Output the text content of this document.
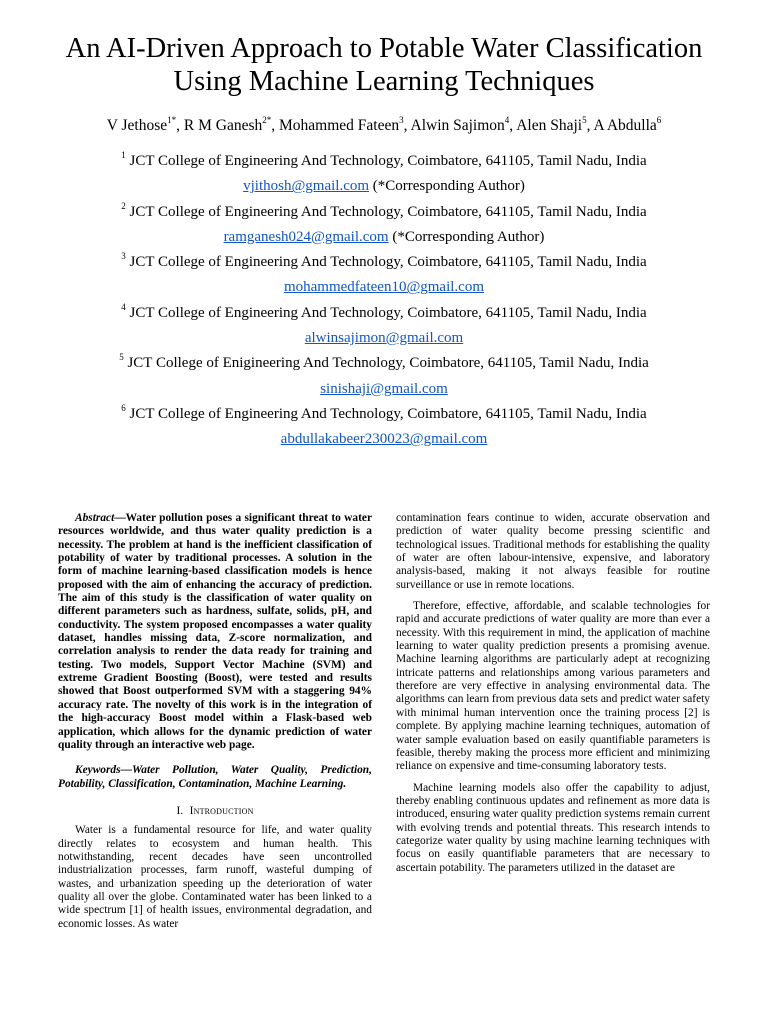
An AI-Driven Approach to Potable Water Classification Using Machine Learning Techniques
V Jethose$^{1*}$, R M Ganesh$^{2*}$, Mohammed Fateen$^3$, Alwin Sajimon$^4$, Alen Shaji$^5$, A Abdulla$^6$
$^1$ JCT College of Engineering And Technology, Coimbatore, 641105, Tamil Nadu, India
vjithosh@gmail.com (*Corresponding Author)
$^2$ JCT College of Engineering And Technology, Coimbatore, 641105, Tamil Nadu, India
ramganesh024@gmail.com (*Corresponding Author)
$^3$ JCT College of Engineering And Technology, Coimbatore, 641105, Tamil Nadu, India
mohammedfateen10@gmail.com
$^4$ JCT College of Engineering And Technology, Coimbatore, 641105, Tamil Nadu, India
alwinsajimon@gmail.com
$^5$ JCT College of Enigineering And Technology, Coimbatore, 641105, Tamil Nadu, India
sinishaji@gmail.com
$^6$ JCT College of Engineering And Technology, Coimbatore, 641105, Tamil Nadu, India
abdullakabeer230023@gmail.com

Abstract—Water pollution poses a significant threat to water resources worldwide, and thus water quality prediction is a necessity. The problem at hand is the inefficient classification of potability of water by traditional processes. A solution in the form of machine learning-based classification models is hence proposed with the aim of enhancing the accuracy of prediction. The aim of this study is the classification of water quality on different parameters such as hardness, sulfate, solids, pH, and conductivity. The system proposed encompasses a water quality dataset, handles missing data, Z-score normalization, and correlation analysis to render the data ready for training and testing. Two models, Support Vector Machine (SVM) and extreme Gradient Boosting (Boost), were tested and results showed that Boost outperformed SVM with a staggering 94% accuracy rate. The novelty of this work is in the integration of the high-accuracy Boost model within a Flask-based web application, which allows for the dynamic prediction of water quality through an interactive web page.

Keywords—Water Pollution, Water Quality, Prediction, Potability, Classification, Contamination, Machine Learning.

I. Introduction

Water is a fundamental resource for life, and water quality directly relates to ecosystem and human health. This notwithstanding, recent decades have seen uncontrolled industrialization processes, farm runoff, wasteful dumping of wastes, and urbanization speeding up the deterioration of water quality all over the globe. Contaminated water has been linked to a wide spectrum [1] of health issues, environmental degradation, and economic losses. As water

contamination fears continue to widen, accurate observation and prediction of water quality become pressing scientific and technological issues. Traditional methods for establishing the quality of water are often labour-intensive, expensive, and laboratory analysis-based, making it not always feasible for routine surveillance or use in remote locations.

Therefore, effective, affordable, and scalable technologies for rapid and accurate predictions of water quality are more than ever a necessity. With this requirement in mind, the application of machine learning to water quality prediction presents a promising avenue. Machine learning algorithms are particularly adept at recognizing intricate patterns and relationships among various parameters and therefore are very effective in analysing environmental data. The algorithms can learn from previous data sets and predict water safety with minimal human intervention once the training process [2] is complete. By applying machine learning techniques, automation of water sample evaluation based on easily quantifiable parameters is feasible, thereby making the process more efficient and minimizing reliance on expensive and time-consuming laboratory tests.

Machine learning models also offer the capability to adjust, thereby enabling continuous updates and refinement as more data is introduced, ensuring water quality prediction systems remain current with evolving trends and potential threats. This research intends to categorize water quality by using machine learning techniques with focus on easily quantifiable parameters that are necessary to ascertain potability. The parameters utilized in the dataset are
